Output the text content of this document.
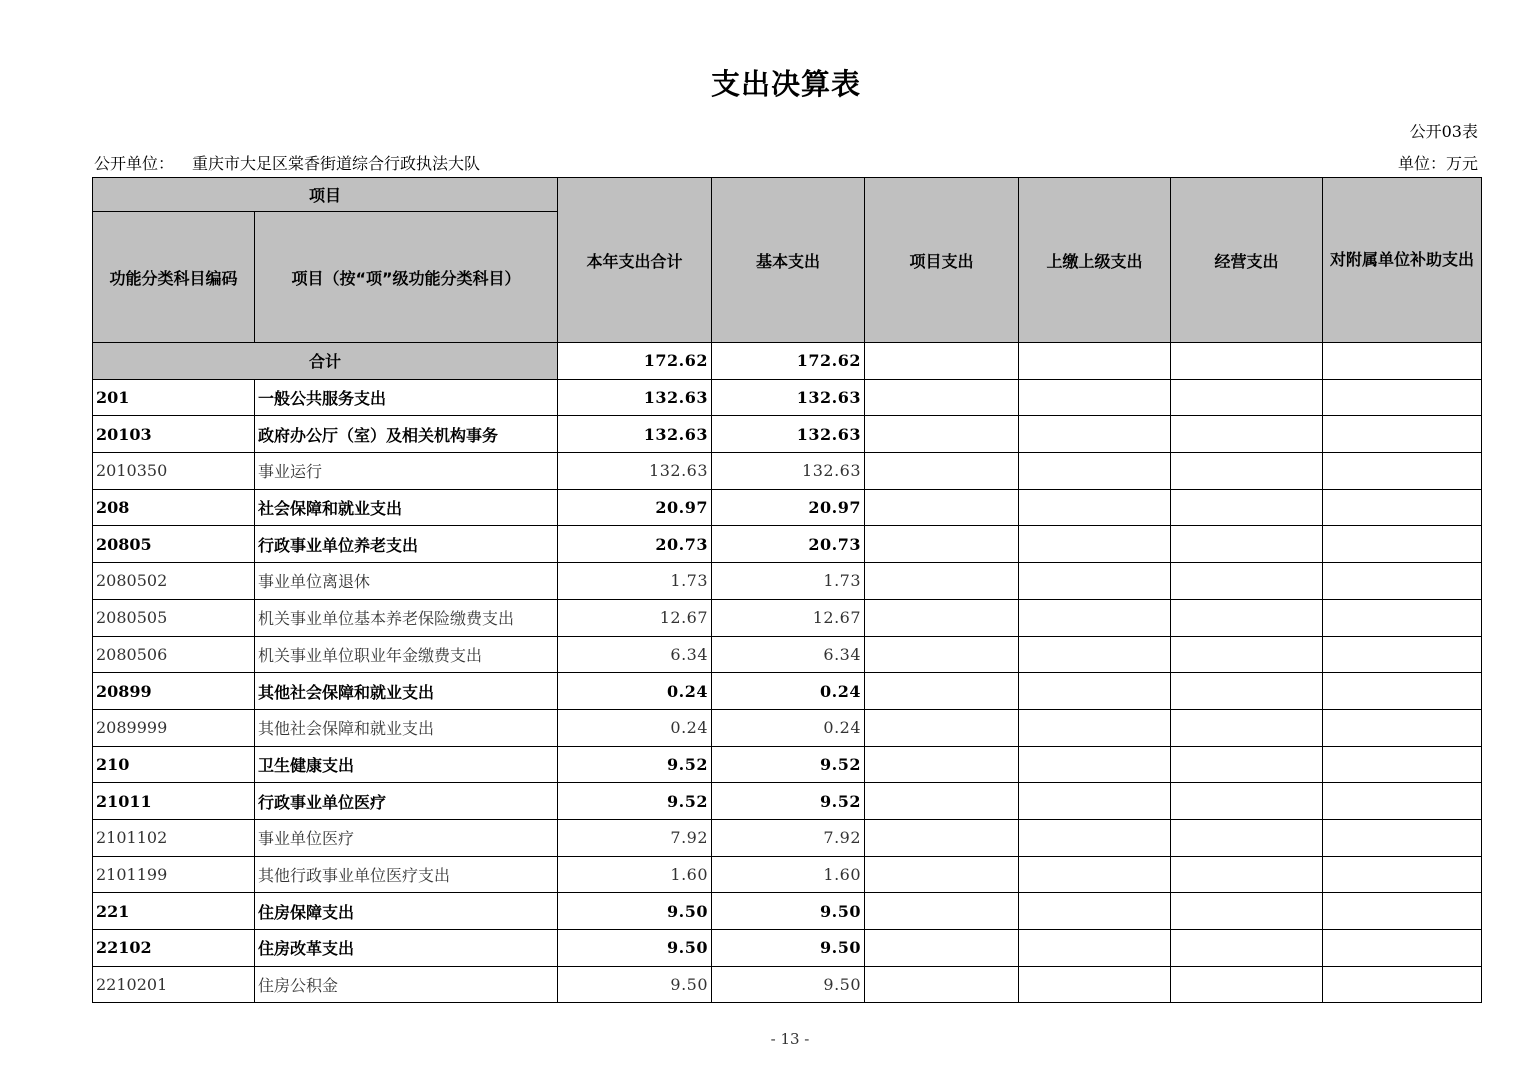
支出决算表
公开03表
公开单位： 重庆市大足区棠香街道综合行政执法大队	单位：万元
项目		本年支出合计	基本支出	项目支出	上缴上级支出	经营支出	对附属单位补助支出
功能分类科目编码	项目（按“项”级功能分类科目）						
合计		172.62	172.62				
201	一般公共服务支出	132.63	132.63				
20103	政府办公厅（室）及相关机构事务	132.63	132.63				
2010350	事业运行	132.63	132.63				
208	社会保障和就业支出	20.97	20.97				
20805	行政事业单位养老支出	20.73	20.73				
2080502	事业单位离退休	1.73	1.73				
2080505	机关事业单位基本养老保险缴费支出	12.67	12.67				
2080506	机关事业单位职业年金缴费支出	6.34	6.34				
20899	其他社会保障和就业支出	0.24	0.24				
2089999	其他社会保障和就业支出	0.24	0.24				
210	卫生健康支出	9.52	9.52				
21011	行政事业单位医疗	9.52	9.52				
2101102	事业单位医疗	7.92	7.92				
2101199	其他行政事业单位医疗支出	1.60	1.60				
221	住房保障支出	9.50	9.50				
22102	住房改革支出	9.50	9.50				
2210201	住房公积金	9.50	9.50				
- 13 -
